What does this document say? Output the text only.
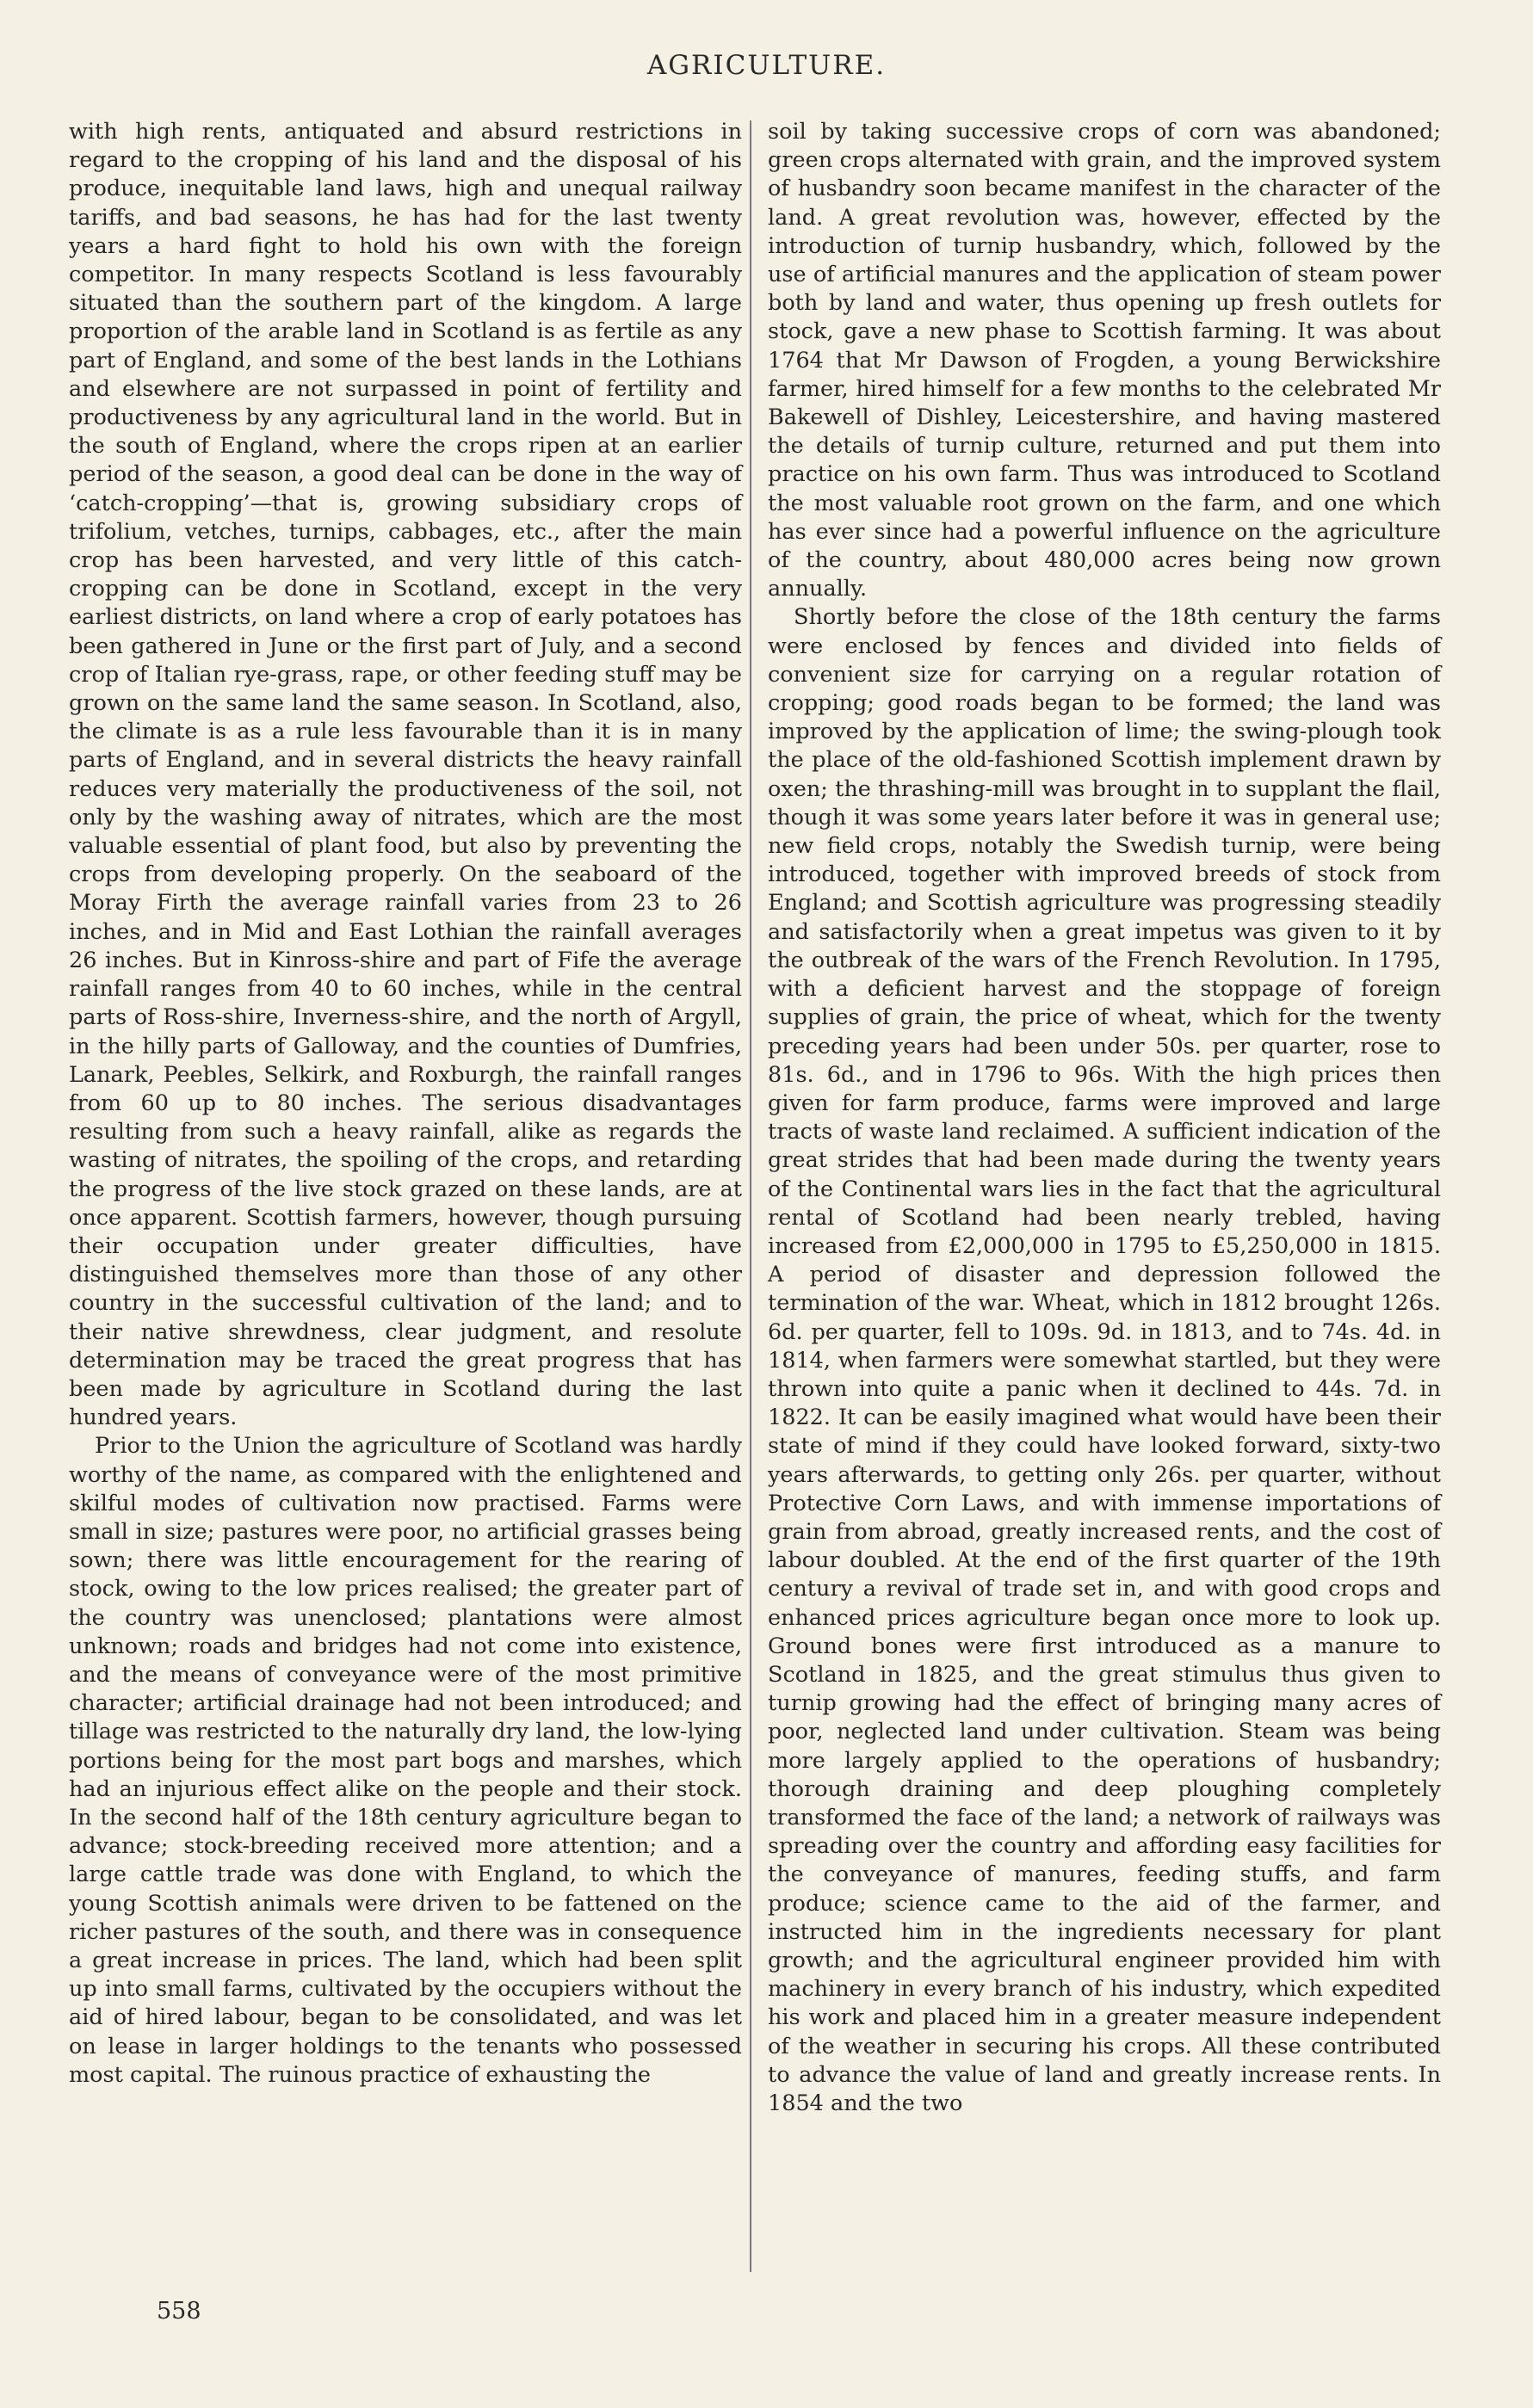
AGRICULTURE.

with high rents, antiquated and absurd restrictions in regard to the cropping of his land and the disposal of his produce, inequitable land laws, high and unequal railway tariffs, and bad seasons, he has had for the last twenty years a hard fight to hold his own with the foreign competitor. In many respects Scotland is less favourably situated than the southern part of the kingdom. A large proportion of the arable land in Scotland is as fertile as any part of England, and some of the best lands in the Lothians and elsewhere are not surpassed in point of fertility and productiveness by any agricultural land in the world. But in the south of England, where the crops ripen at an earlier period of the season, a good deal can be done in the way of ‘catch-cropping’—that is, growing subsidiary crops of trifolium, vetches, turnips, cabbages, etc., after the main crop has been harvested, and very little of this catch-cropping can be done in Scotland, except in the very earliest districts, on land where a crop of early potatoes has been gathered in June or the first part of July, and a second crop of Italian rye-grass, rape, or other feeding stuff may be grown on the same land the same season. In Scotland, also, the climate is as a rule less favourable than it is in many parts of England, and in several districts the heavy rainfall reduces very materially the productiveness of the soil, not only by the washing away of nitrates, which are the most valuable essential of plant food, but also by preventing the crops from developing properly. On the seaboard of the Moray Firth the average rainfall varies from 23 to 26 inches, and in Mid and East Lothian the rainfall averages 26 inches. But in Kinross-shire and part of Fife the average rainfall ranges from 40 to 60 inches, while in the central parts of Ross-shire, Inverness-shire, and the north of Argyll, in the hilly parts of Galloway, and the counties of Dumfries, Lanark, Peebles, Selkirk, and Roxburgh, the rainfall ranges from 60 up to 80 inches. The serious disadvantages resulting from such a heavy rainfall, alike as regards the wasting of nitrates, the spoiling of the crops, and retarding the progress of the live stock grazed on these lands, are at once apparent. Scottish farmers, however, though pursuing their occupation under greater difficulties, have distinguished themselves more than those of any other country in the successful cultivation of the land; and to their native shrewdness, clear judgment, and resolute determination may be traced the great progress that has been made by agriculture in Scotland during the last hundred years.

Prior to the Union the agriculture of Scotland was hardly worthy of the name, as compared with the enlightened and skilful modes of cultivation now practised. Farms were small in size; pastures were poor, no artificial grasses being sown; there was little encouragement for the rearing of stock, owing to the low prices realised; the greater part of the country was unenclosed; plantations were almost unknown; roads and bridges had not come into existence, and the means of conveyance were of the most primitive character; artificial drainage had not been introduced; and tillage was restricted to the naturally dry land, the low-lying portions being for the most part bogs and marshes, which had an injurious effect alike on the people and their stock. In the second half of the 18th century agriculture began to advance; stock-breeding received more attention; and a large cattle trade was done with England, to which the young Scottish animals were driven to be fattened on the richer pastures of the south, and there was in consequence a great increase in prices. The land, which had been split up into small farms, cultivated by the occupiers without the aid of hired labour, began to be consolidated, and was let on lease in larger holdings to the tenants who possessed most capital. The ruinous practice of exhausting the

soil by taking successive crops of corn was abandoned; green crops alternated with grain, and the improved system of husbandry soon became manifest in the character of the land. A great revolution was, however, effected by the introduction of turnip husbandry, which, followed by the use of artificial manures and the application of steam power both by land and water, thus opening up fresh outlets for stock, gave a new phase to Scottish farming. It was about 1764 that Mr Dawson of Frogden, a young Berwickshire farmer, hired himself for a few months to the celebrated Mr Bakewell of Dishley, Leicestershire, and having mastered the details of turnip culture, returned and put them into practice on his own farm. Thus was introduced to Scotland the most valuable root grown on the farm, and one which has ever since had a powerful influence on the agriculture of the country, about 480,000 acres being now grown annually.

Shortly before the close of the 18th century the farms were enclosed by fences and divided into fields of convenient size for carrying on a regular rotation of cropping; good roads began to be formed; the land was improved by the application of lime; the swing-plough took the place of the old-fashioned Scottish implement drawn by oxen; the thrashing-mill was brought in to supplant the flail, though it was some years later before it was in general use; new field crops, notably the Swedish turnip, were being introduced, together with improved breeds of stock from England; and Scottish agriculture was progressing steadily and satisfactorily when a great impetus was given to it by the outbreak of the wars of the French Revolution. In 1795, with a deficient harvest and the stoppage of foreign supplies of grain, the price of wheat, which for the twenty preceding years had been under 50s. per quarter, rose to 81s. 6d., and in 1796 to 96s. With the high prices then given for farm produce, farms were improved and large tracts of waste land reclaimed. A sufficient indication of the great strides that had been made during the twenty years of the Continental wars lies in the fact that the agricultural rental of Scotland had been nearly trebled, having increased from £2,000,000 in 1795 to £5,250,000 in 1815. A period of disaster and depression followed the termination of the war. Wheat, which in 1812 brought 126s. 6d. per quarter, fell to 109s. 9d. in 1813, and to 74s. 4d. in 1814, when farmers were somewhat startled, but they were thrown into quite a panic when it declined to 44s. 7d. in 1822. It can be easily imagined what would have been their state of mind if they could have looked forward, sixty-two years afterwards, to getting only 26s. per quarter, without Protective Corn Laws, and with immense importations of grain from abroad, greatly increased rents, and the cost of labour doubled. At the end of the first quarter of the 19th century a revival of trade set in, and with good crops and enhanced prices agriculture began once more to look up. Ground bones were first introduced as a manure to Scotland in 1825, and the great stimulus thus given to turnip growing had the effect of bringing many acres of poor, neglected land under cultivation. Steam was being more largely applied to the operations of husbandry; thorough draining and deep ploughing completely transformed the face of the land; a network of railways was spreading over the country and affording easy facilities for the conveyance of manures, feeding stuffs, and farm produce; science came to the aid of the farmer, and instructed him in the ingredients necessary for plant growth; and the agricultural engineer provided him with machinery in every branch of his industry, which expedited his work and placed him in a greater measure independent of the weather in securing his crops. All these contributed to advance the value of land and greatly increase rents. In 1854 and the two

558
